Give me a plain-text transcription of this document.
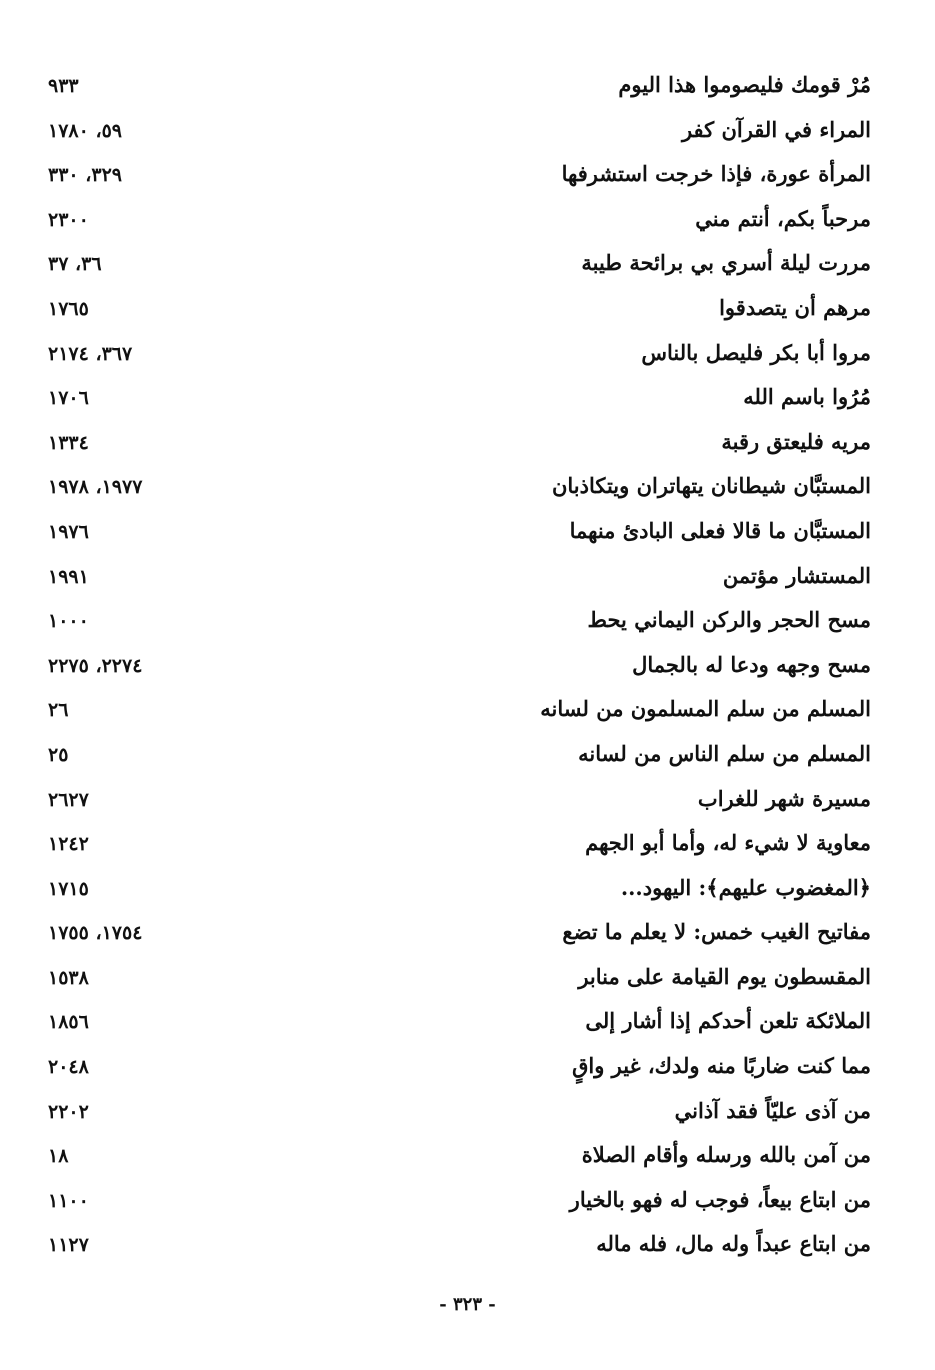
مُرْ قومك فليصوموا هذا اليوم
٩٣٣
المراء في القرآن كفر
٥٩، ١٧٨٠
المرأة عورة، فإذا خرجت استشرفها
٣٢٩، ٣٣٠
مرحباً بكم، أنتم مني
٢٣٠٠
مررت ليلة أسري بي برائحة طيبة
٣٦، ٣٧
مرهم أن يتصدقوا
١٧٦٥
مروا أبا بكر فليصل بالناس
٣٦٧، ٢١٧٤
مُرُوا باسم الله
١٧٠٦
مريه فليعتق رقبة
١٣٣٤
المستبَّان شيطانان يتهاتران ويتكاذبان
١٩٧٧، ١٩٧٨
المستبَّان ما قالا فعلى البادئ منهما
١٩٧٦
المستشار مؤتمن
١٩٩١
مسح الحجر والركن اليماني يحط
١٠٠٠
مسح وجهه ودعا له بالجمال
٢٢٧٤، ٢٢٧٥
المسلم من سلم المسلمون من لسانه
٢٦
المسلم من سلم الناس من لسانه
٢٥
مسيرة شهر للغراب
٢٦٢٧
معاوية لا شيء له، وأما أبو الجهم
١٢٤٢
﴿المغضوب عليهم﴾: اليهود...
١٧١٥
مفاتيح الغيب خمس: لا يعلم ما تضع
١٧٥٤، ١٧٥٥
المقسطون يوم القيامة على منابر
١٥٣٨
الملائكة تلعن أحدكم إذا أشار إلى
١٨٥٦
مما كنت ضاربًا منه ولدك، غير واقٍ
٢٠٤٨
من آذى عليّاً فقد آذاني
٢٢٠٢
من آمن بالله ورسله وأقام الصلاة
١٨
من ابتاع بيعاً، فوجب له فهو بالخيار
١١٠٠
من ابتاع عبداً وله مال، فله ماله
١١٢٧
- ٣٢٣ -
